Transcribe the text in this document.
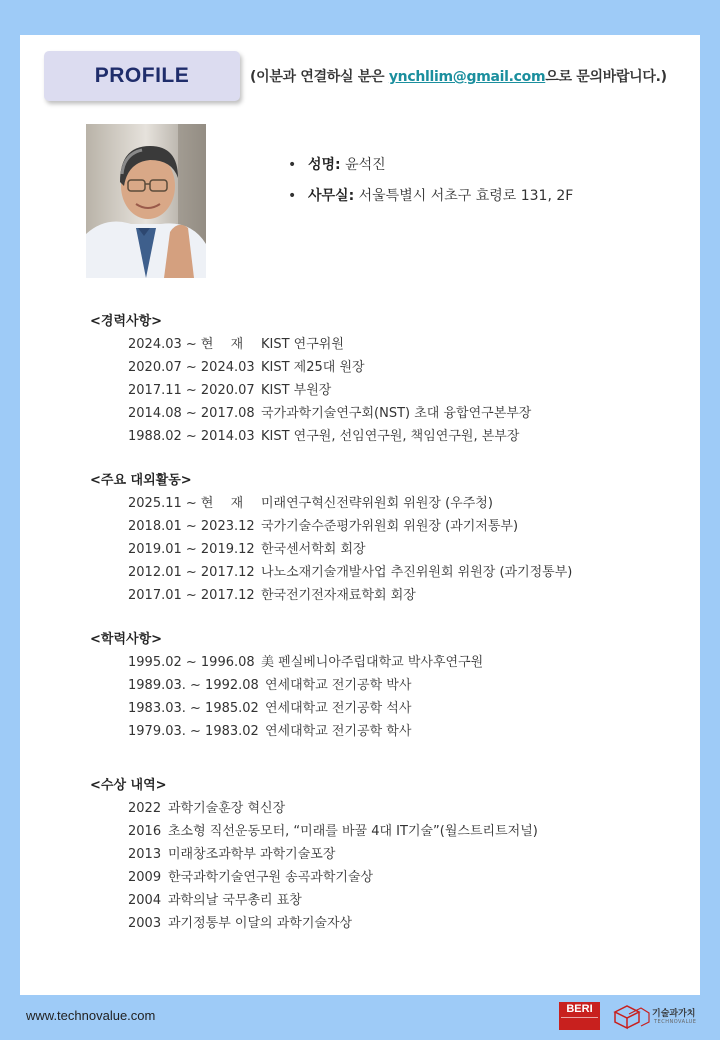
PROFILE	(이분과 연결하실 분은 ynchllim@gmail.com으로 문의바랍니다.)
• 성명: 윤석진
• 사무실: 서울특별시 서초구 효령로 131, 2F
<경력사항>
2024.03 ~ 현　 재 KIST 연구위원
2020.07 ~ 2024.03 KIST 제25대 원장
2017.11 ~ 2020.07 KIST 부원장
2014.08 ~ 2017.08 국가과학기술연구회(NST) 초대 융합연구본부장
1988.02 ~ 2014.03 KIST 연구원, 선임연구원, 책임연구원, 본부장
<주요 대외활동>
2025.11 ~ 현　 재 미래연구혁신전략위원회 위원장 (우주청)
2018.01 ~ 2023.12 국가기술수준평가위원회 위원장 (과기저통부)
2019.01 ~ 2019.12 한국센서학회 회장
2012.01 ~ 2017.12 나노소재기술개발사업 추진위원회 위원장 (과기정통부)
2017.01 ~ 2017.12 한국전기전자재료학회 회장
<학력사항>
1995.02 ~ 1996.08 美 펜실베니아주립대학교 박사후연구원
1989.03. ~ 1992.08 연세대학교 전기공학 박사
1983.03. ~ 1985.02 연세대학교 전기공학 석사
1979.03. ~ 1983.02 연세대학교 전기공학 학사
<수상 내역>
2022 과학기술훈장 혁신장
2016 초소형 직선운동모터, “미래를 바꿀 4대 IT기술”(월스트리트저널)
2013 미래창조과학부 과학기술포장
2009 한국과학기술연구원 송곡과학기술상
2004 과학의날 국무총리 표창
2003 과기정통부 이달의 과학기술자상
www.technovalue.com	BERI	기술과가치
TECHNOVALUE
